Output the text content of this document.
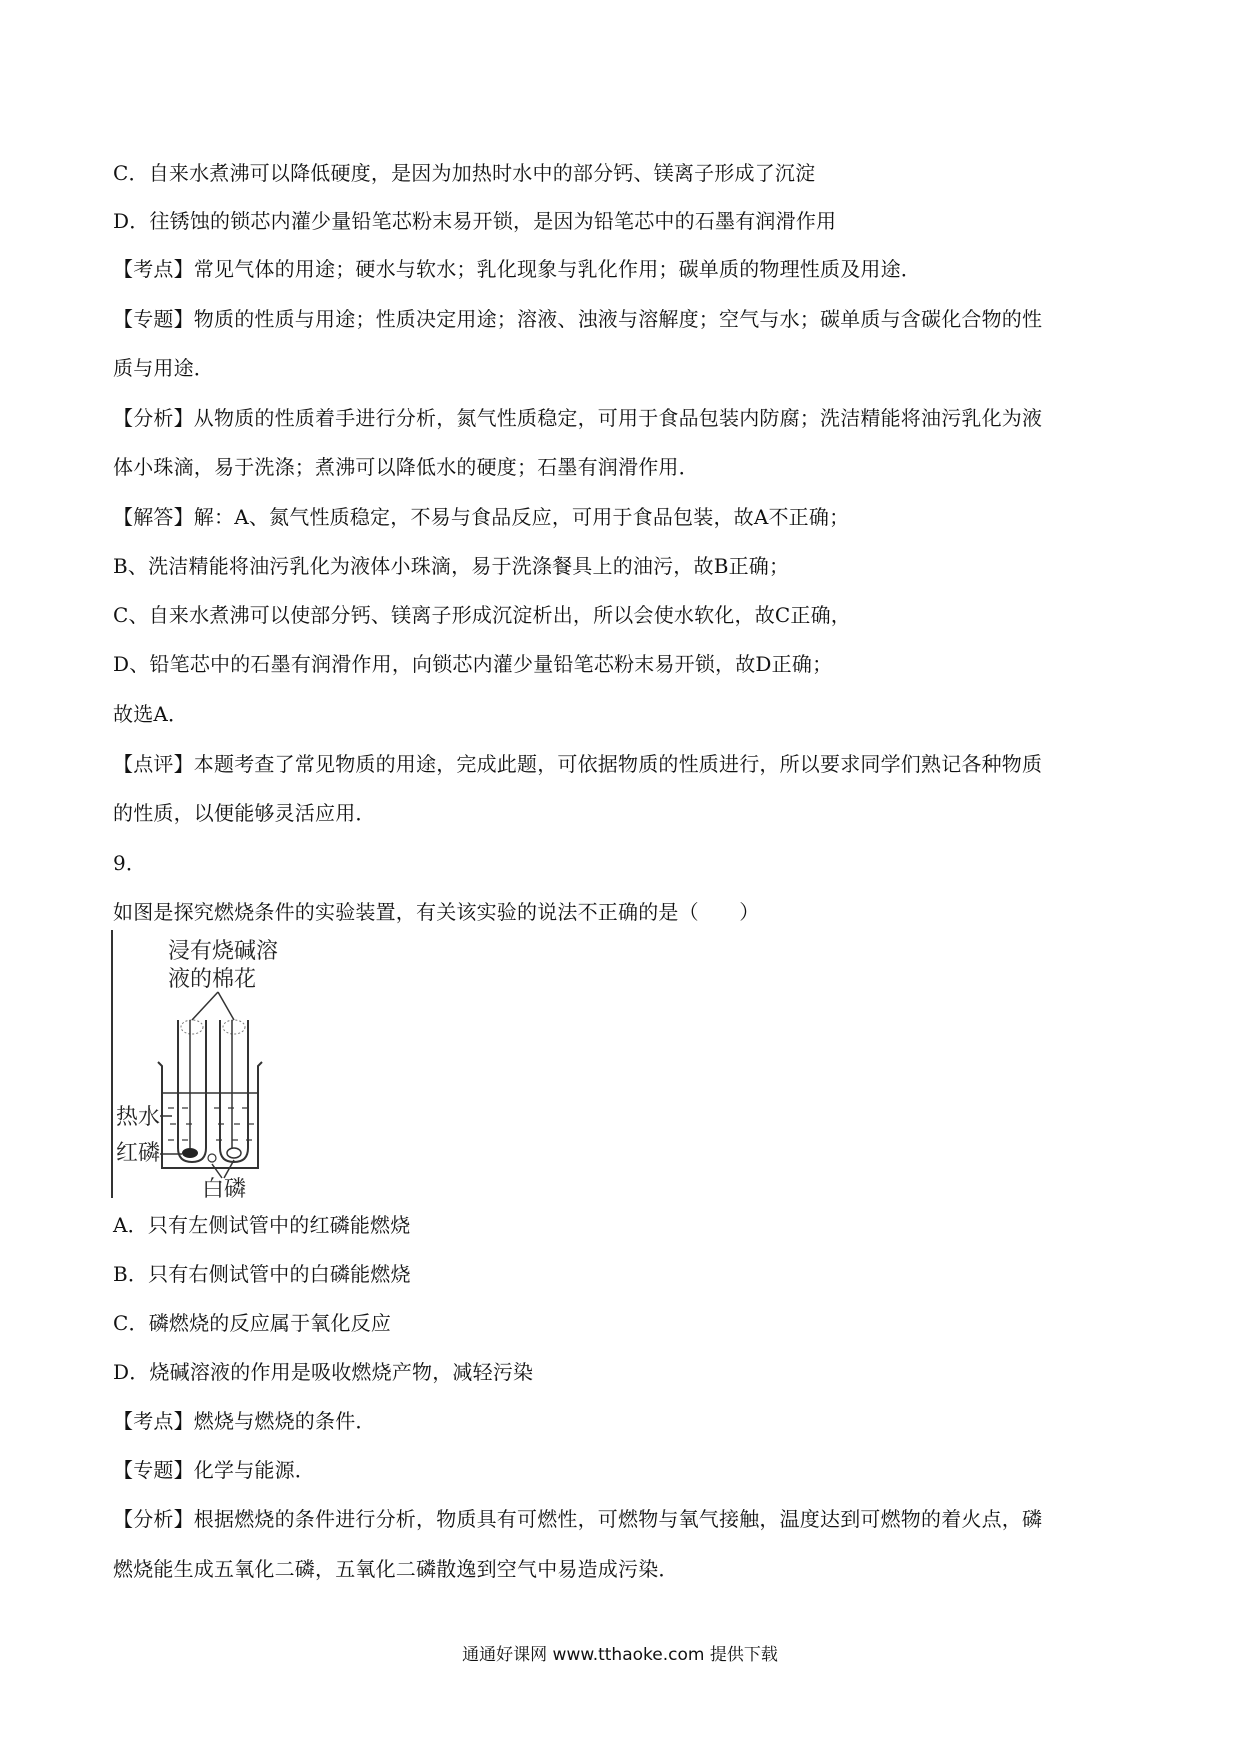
C．自来水煮沸可以降低硬度，是因为加热时水中的部分钙、镁离子形成了沉淀
D．往锈蚀的锁芯内灌少量铅笔芯粉末易开锁，是因为铅笔芯中的石墨有润滑作用
【考点】常见气体的用途；硬水与软水；乳化现象与乳化作用；碳单质的物理性质及用途．
【专题】物质的性质与用途；性质决定用途；溶液、浊液与溶解度；空气与水；碳单质与含碳化合物的性
质与用途．
【分析】从物质的性质着手进行分析，氮气性质稳定，可用于食品包装内防腐；洗洁精能将油污乳化为液
体小珠滴，易于洗涤；煮沸可以降低水的硬度；石墨有润滑作用．
【解答】解：A、氮气性质稳定，不易与食品反应，可用于食品包装，故A不正确；
B、洗洁精能将油污乳化为液体小珠滴，易于洗涤餐具上的油污，故B正确；
C、自来水煮沸可以使部分钙、镁离子形成沉淀析出，所以会使水软化，故C正确，
D、铅笔芯中的石墨有润滑作用，向锁芯内灌少量铅笔芯粉末易开锁，故D正确；
故选A．
【点评】本题考查了常见物质的用途，完成此题，可依据物质的性质进行，所以要求同学们熟记各种物质
的性质，以便能够灵活应用．
9．
如图是探究燃烧条件的实验装置，有关该实验的说法不正确的是（　　）
浸有烧碱溶
液的棉花
热水
红磷
白磷
A．只有左侧试管中的红磷能燃烧
B．只有右侧试管中的白磷能燃烧
C．磷燃烧的反应属于氧化反应
D．烧碱溶液的作用是吸收燃烧产物，减轻污染
【考点】燃烧与燃烧的条件．
【专题】化学与能源．
【分析】根据燃烧的条件进行分析，物质具有可燃性，可燃物与氧气接触，温度达到可燃物的着火点，磷
燃烧能生成五氧化二磷，五氧化二磷散逸到空气中易造成污染．
通通好课网 www.tthaoke.com 提供下载
